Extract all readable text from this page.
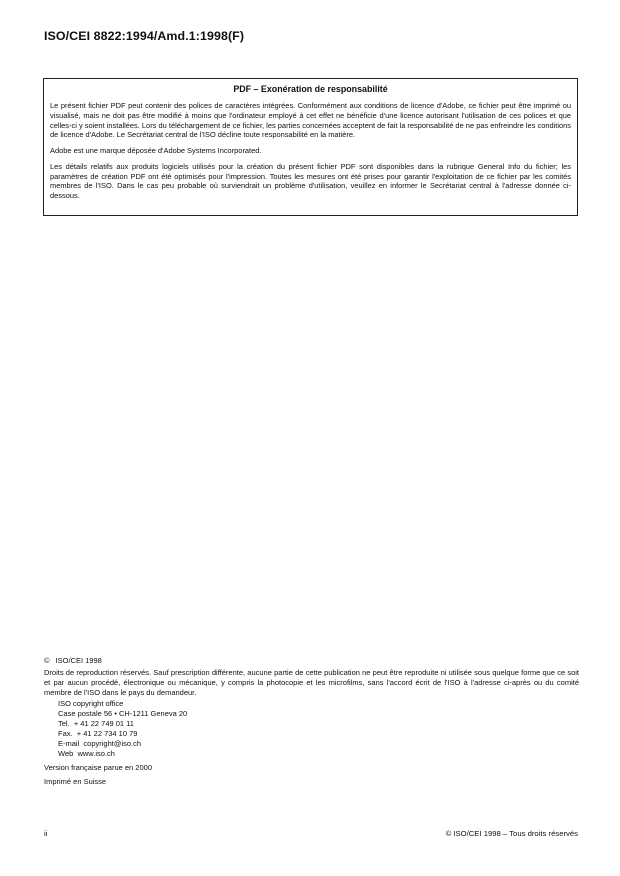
ISO/CEI 8822:1994/Amd.1:1998(F)
PDF – Exonération de responsabilité

Le présent fichier PDF peut contenir des polices de caractères intégrées. Conformément aux conditions de licence d'Adobe, ce fichier peut être imprimé ou visualisé, mais ne doit pas être modifié à moins que l'ordinateur employé à cet effet ne bénéficie d'une licence autorisant l'utilisation de ces polices et que celles-ci y soient installées. Lors du téléchargement de ce fichier, les parties concernées acceptent de fait la responsabilité de ne pas enfreindre les conditions de licence d'Adobe. Le Secrétariat central de l'ISO décline toute responsabilité en la matière.

Adobe est une marque déposée d'Adobe Systems Incorporated.

Les détails relatifs aux produits logiciels utilisés pour la création du présent fichier PDF sont disponibles dans la rubrique General Info du fichier; les paramètres de création PDF ont été optimisés pour l'impression. Toutes les mesures ont été prises pour garantir l'exploitation de ce fichier par les comités membres de l'ISO. Dans le cas peu probable où surviendrait un problème d'utilisation, veuillez en informer le Secrétariat central à l'adresse donnée ci-dessous.

© ISO/CEI 1998

Droits de reproduction réservés. Sauf prescription différente, aucune partie de cette publication ne peut être reproduite ni utilisée sous quelque forme que ce soit et par aucun procédé, électronique ou mécanique, y compris la photocopie et les microfilms, sans l'accord écrit de l'ISO à l'adresse ci-après ou du comité membre de l'ISO dans le pays du demandeur.

ISO copyright office
Case postale 56 • CH-1211 Geneva 20
Tel.  + 41 22 749 01 11
Fax.  + 41 22 734 10 79
E-mail  copyright@iso.ch
Web  www.iso.ch
Version française parue en 2000
Imprimé en Suisse
ii	© ISO/CEI 1998 – Tous droits réservés
